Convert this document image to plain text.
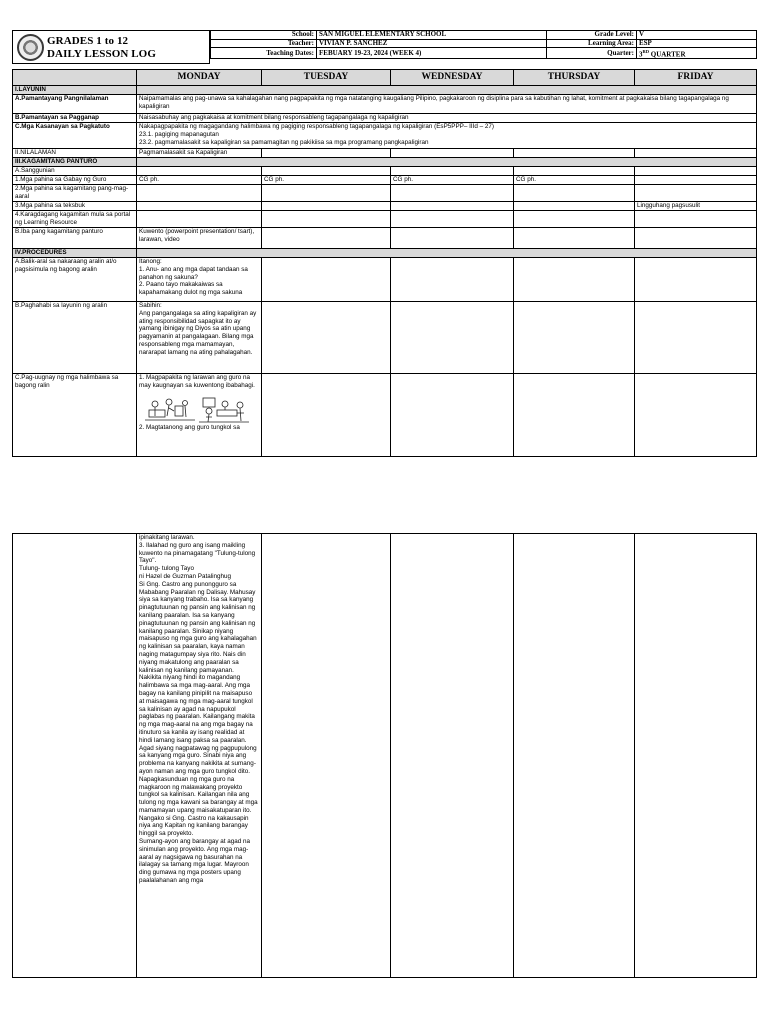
GRADES 1 to 12
DAILY LESSON LOG
School:	SAN MIGUEL ELEMENTARY SCHOOL	Grade Level:	V
Teacher:	VIVIAN P. SANCHEZ	Learning Area:	ESP
Teaching Dates:	FEBUARY 19-23, 2024 (WEEK 4)	Quarter:	3RD QUARTER
	MONDAY	TUESDAY	WEDNESDAY	THURSDAY	FRIDAY
I.LAYUNIN					
A.Pamantayang Pangnilalaman	Naipamamalas ang pag-unawa sa kahalagahan nang pagpapakita ng mga natatanging kaugaliang Pilipino, pagkakaroon ng disiplina para sa kabutihan ng lahat, komitment at pagkakaisa bilang tagapangalaga ng kapaligiran				
B.Pamantayan sa Pagganap	Naisasabuhay ang pagkakaisa at komitment bilang responsableng tagapangalaga ng kapaligiran				
C.Mga Kasanayan sa Pagkatuto	Nakapagpapakita ng magagandang halimbawa ng pagiging responsableng tagapangalaga ng kapaligiran (EsP5PPP– IIId – 27)
23.1. pagiging mapanagutan
23.2. pagmamalasakit sa kapaligiran sa pamamagitan ng pakikiisa sa mga programang pangkapaligiran				

II.NILALAMAN	Pagmamalasakit sa Kapaligiran				
III.KAGAMITANG PANTURO					
A.Sanggunian					
1.Mga pahina sa Gabay ng Guro	CG ph.	CG ph.	CG ph.	CG ph.	
2.Mga pahina sa kagamitang pang-mag-aaral					
3.Mga pahina sa teksbuk					Lingguhang pagsusulit
4.Karagdagang kagamitan mula sa portal ng Learning Resource					
B.Iba pang kagamitang panturo	Kuwento (powerpoint presentation/ tsart), larawan, video				
IV.PROCEDURES					
A.Balik-aral sa nakaraang aralin at/o pagsisimula ng bagong aralin	Itanong:
1. Anu- ano ang mga dapat tandaan sa panahon ng sakuna?
2. Paano tayo makakaiwas sa kapahamakang dulot ng mga sakuna				
B.Paghahabi sa layunin ng aralin	Sabihin:
Ang pangangalaga sa ating kapaligiran ay ating responsibilidad sapagkat ito ay yamang ibinigay ng Diyos sa atin upang pagyamanin at pangalagaan. Bilang mga responsableng mga mamamayan, nararapat lamang na ating pahalagahan.				
C.Pag-uugnay ng mga halimbawa sa bagong ralin	1. Magpapakita ng larawan ang guro na may kaugnayan sa kuwentong ibabahagi.
2. Magtatanong ang guro tungkol sa				

	ipinakitang larawan.
3. Ilalahad ng guro ang isang maikling kuwento na pinamagatang "Tulung-tulong Tayo".
Tulung- tulong Tayo
ni Hazel de Guzman Patalinghug
Si Gng. Castro ang punongguro sa Mababang Paaralan ng Dalisay. Mahusay siya sa kanyang trabaho. Isa sa kanyang pinagtutuunan ng pansin ang kalinisan ng kanilang paaralan. Isa sa kanyang pinagtutuunan ng pansin ang kalinisan ng kanilang paaralan. Sinikap niyang maisapuso ng mga guro ang kahalagahan ng kalinisan sa paaralan, kaya naman naging matagumpay siya rito. Nais din niyang makatulong ang paaralan sa kalinisan ng kanilang pamayanan.
Nakikita niyang hindi ito magandang halimbawa sa mga mag-aaral. Ang mga bagay na kanilang pinipilit na maisapuso at maisagawa ng mga mag-aaral tungkol sa kalinisan ay agad na napupukol paglabas ng paaralan. Kailangang makita ng mga mag-aaral na ang mga bagay na itinuturo sa kanila ay isang realidad at hindi lamang isang paksa sa paaralan. Agad siyang nagpatawag ng pagpupulong sa kanyang mga guro. Sinabi niya ang problema na kanyang nakikita at sumang-ayon naman ang mga guro tungkol dito.
Napagkasunduan ng mga guro na magkaroon ng malawakang proyekto tungkol sa kalinisan. Kailangan nila ang tulong ng mga kawani sa barangay at mga mamamayan upang maisakatuparan ito. Nangako si Gng. Castro na kakausapin niya ang Kapitan ng kanilang barangay hinggil sa proyekto.
Sumang-ayon ang barangay at agad na sinimulan ang proyekto. Ang mga mag-aaral ay nagsigawa ng basurahan na ilalagay sa tamang mga lugar. Mayroon ding gumawa ng mga posters upang paalalahanan ang mga				
